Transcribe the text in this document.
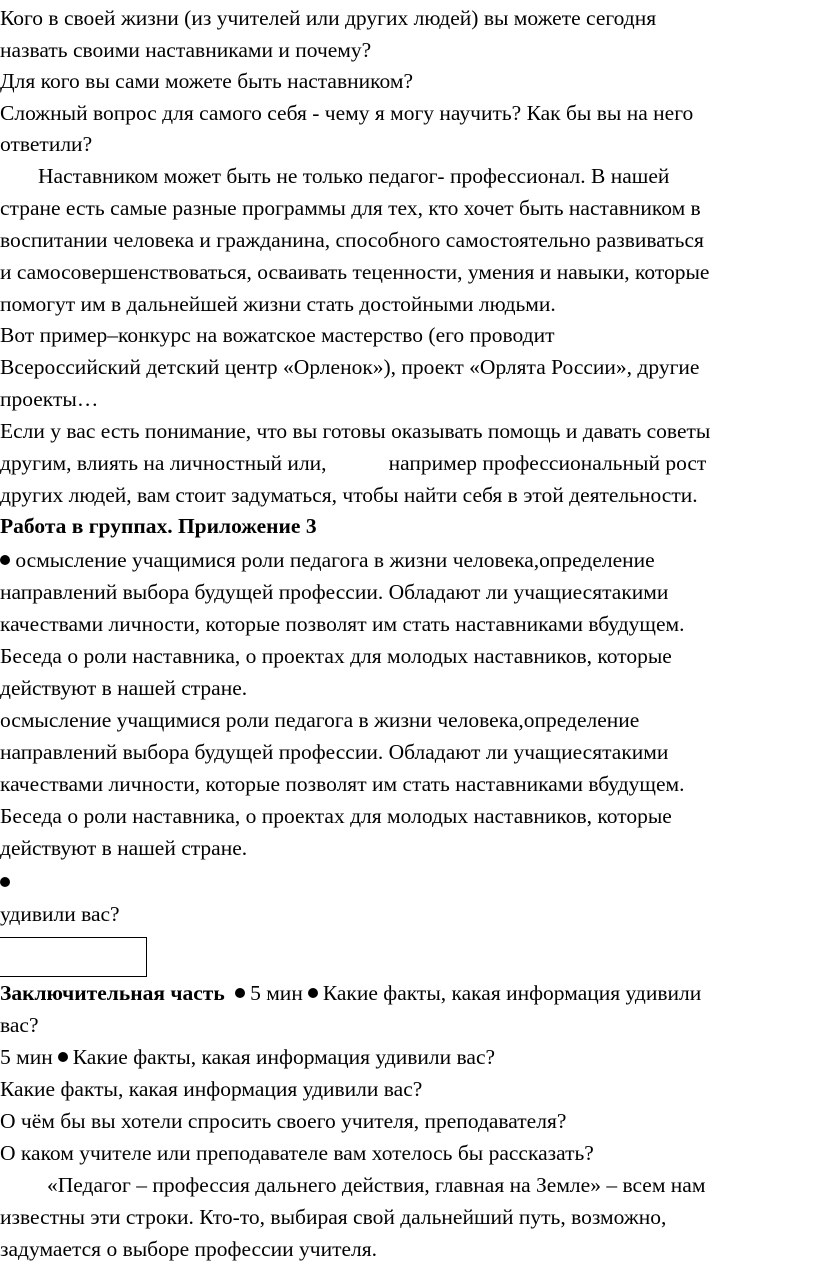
Кого в своей жизни (из учителей или других людей) вы можете сегодня
назвать своими наставниками и почему?
Для кого вы сами можете быть наставником?
Сложный вопрос для самого себя - чему я могу научить? Как бы вы на него
ответили?
Наставником может быть не только педагог- профессионал. В нашей
стране есть самые разные программы для тех, кто хочет быть наставником в
воспитании человека и гражданина, способного самостоятельно развиваться
и самосовершенствоваться, осваивать теценности, умения и навыки, которые
помогут им в дальнейшей жизни стать достойными людьми.
Вот пример–конкурс на вожатское мастерство (его проводит
Всероссийский детский центр «Орленок»), проект «Орлята России», другие
проекты…
Если у вас есть понимание, что вы готовы оказывать помощь и давать советы
другим, влиять на личностный или,	например профессиональный рост
других людей, вам стоит задуматься, чтобы найти себя в этой деятельности.
Работа в группах. Приложение 3
осмысление учащимися роли педагога в жизни человека,определение
направлений выбора будущей профессии. Обладают ли учащиесятакими
качествами личности, которые позволят им стать наставниками вбудущем.
Беседа о роли наставника, о проектах для молодых наставников, которые
действуют в нашей стране.
осмысление учащимися роли педагога в жизни человека,определение
направлений выбора будущей профессии. Обладают ли учащиесятакими
качествами личности, которые позволят им стать наставниками вбудущем.
Беседа о роли наставника, о проектах для молодых наставников, которые
действуют в нашей стране.
удивили вас?
Заключительная часть 5 мин Какие факты, какая информация удивили
вас?
5 мин Какие факты, какая информация удивили вас?
Какие факты, какая информация удивили вас?
О чём бы вы хотели спросить своего учителя, преподавателя?
О каком учителе или преподавателе вам хотелось бы рассказать?
«Педагог – профессия дальнего действия, главная на Земле» – всем нам
известны эти строки. Кто-то, выбирая свой дальнейший путь, возможно,
задумается о выборе профессии учителя.
